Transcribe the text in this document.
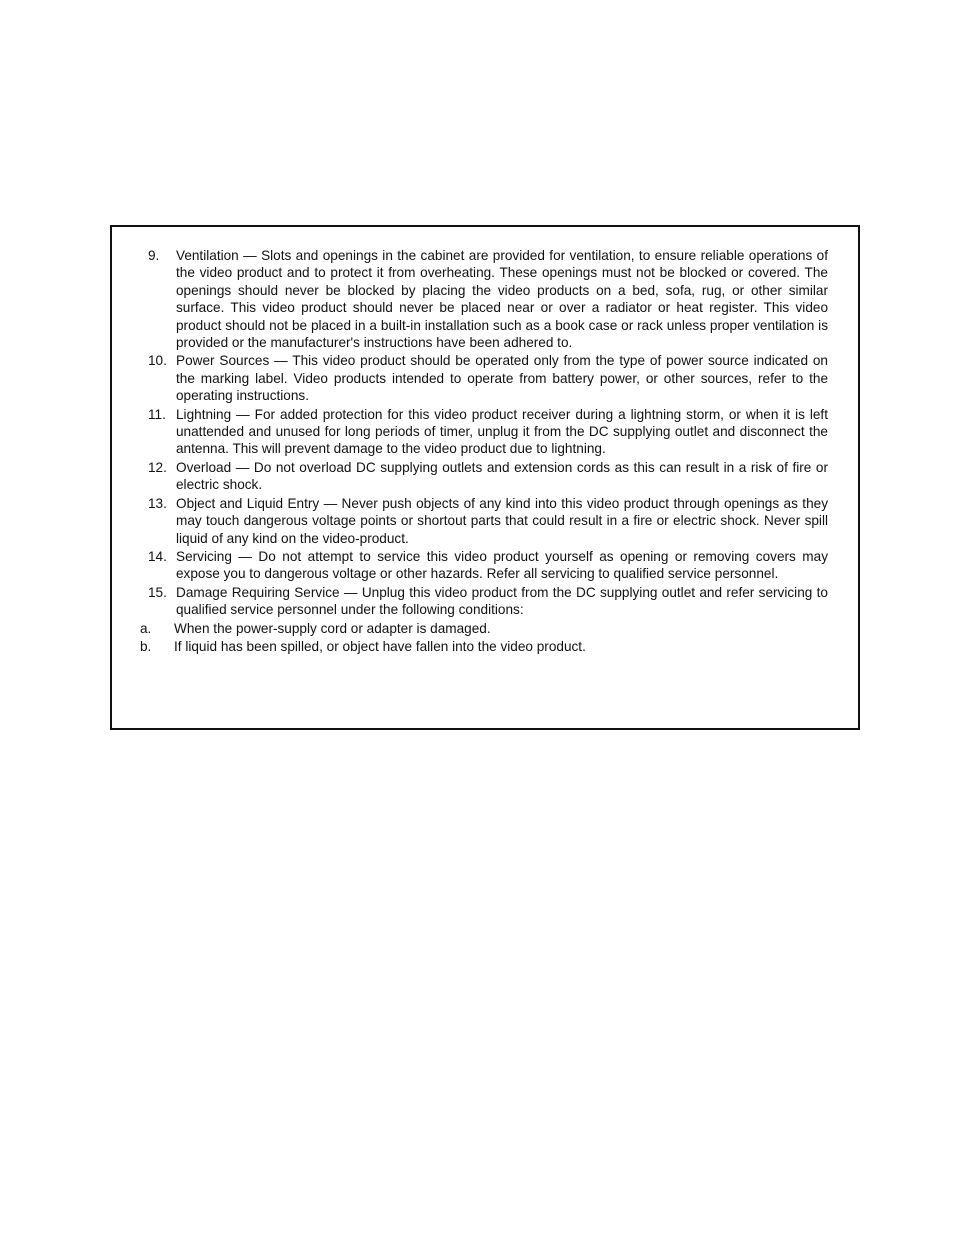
9.	Ventilation — Slots and openings in the cabinet are provided for ventilation, to ensure reliable operations of the video product and to protect it from overheating. These openings must not be blocked or covered. The openings should never be blocked by placing the video products on a bed, sofa, rug, or other similar surface. This video product should never be placed near or over a radiator or heat register. This video product should not be placed in a built-in installation such as a book case or rack unless proper ventilation is provided or the manufacturer's instructions have been adhered to.
10. Power Sources — This video product should be operated only from the type of power source indicated on the marking label. Video products intended to operate from battery power, or other sources, refer to the operating instructions.
11. Lightning — For added protection for this video product receiver during a lightning storm, or when it is left unattended and unused for long periods of timer, unplug it from the DC supplying outlet and disconnect the antenna. This will prevent damage to the video product due to lightning.
12. Overload — Do not overload DC supplying outlets and extension cords as this can result in a risk of fire or electric shock.
13. Object and Liquid Entry — Never push objects of any kind into this video product through openings as they may touch dangerous voltage points or shortout parts that could result in a fire or electric shock. Never spill liquid of any kind on the video-product.
14. Servicing — Do not attempt to service this video product yourself as opening or removing covers may expose you to dangerous voltage or other hazards. Refer all servicing to qualified service personnel.
15. Damage Requiring Service — Unplug this video product from the DC supplying outlet and refer servicing to qualified service personnel under the following conditions:
a.	When the power-supply cord or adapter is damaged.
b.	If liquid has been spilled, or object have fallen into the video product.
